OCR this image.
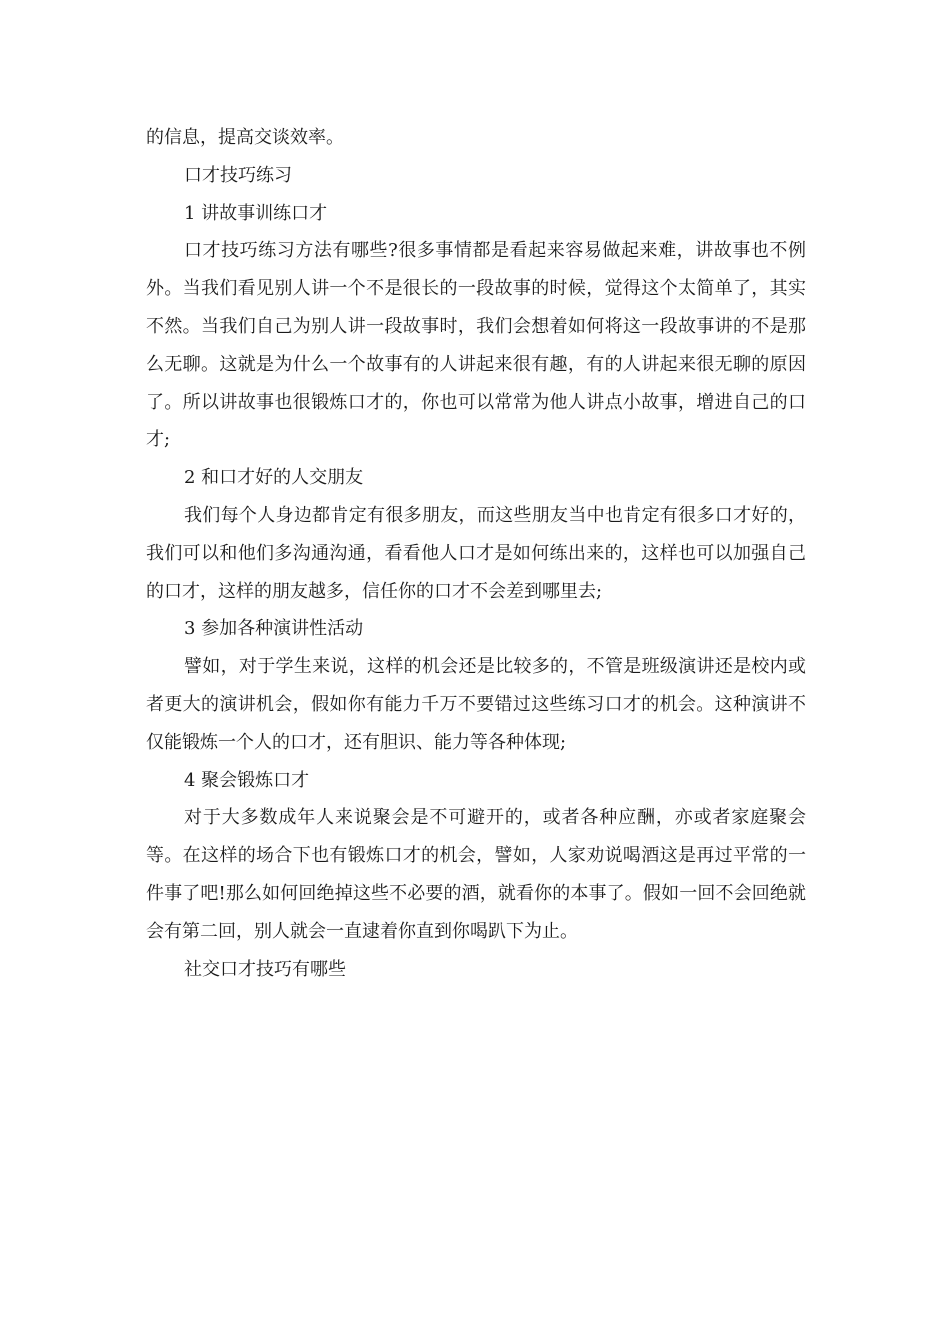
的信息，提高交谈效率。

口才技巧练习

1 讲故事训练口才

口才技巧练习方法有哪些?很多事情都是看起来容易做起来难，讲故事也不例外。当我们看见别人讲一个不是很长的一段故事的时候，觉得这个太简单了，其实不然。当我们自己为别人讲一段故事时，我们会想着如何将这一段故事讲的不是那么无聊。这就是为什么一个故事有的人讲起来很有趣，有的人讲起来很无聊的原因了。所以讲故事也很锻炼口才的，你也可以常常为他人讲点小故事，增进自己的口才;

2 和口才好的人交朋友

我们每个人身边都肯定有很多朋友，而这些朋友当中也肯定有很多口才好的，我们可以和他们多沟通沟通，看看他人口才是如何练出来的，这样也可以加强自己的口才，这样的朋友越多，信任你的口才不会差到哪里去;

3 参加各种演讲性活动

譬如，对于学生来说，这样的机会还是比较多的，不管是班级演讲还是校内或者更大的演讲机会，假如你有能力千万不要错过这些练习口才的机会。这种演讲不仅能锻炼一个人的口才，还有胆识、能力等各种体现;

4 聚会锻炼口才

对于大多数成年人来说聚会是不可避开的，或者各种应酬，亦或者家庭聚会等。在这样的场合下也有锻炼口才的机会，譬如，人家劝说喝酒这是再过平常的一件事了吧!那么如何回绝掉这些不必要的酒，就看你的本事了。假如一回不会回绝就会有第二回，别人就会一直逮着你直到你喝趴下为止。

社交口才技巧有哪些
